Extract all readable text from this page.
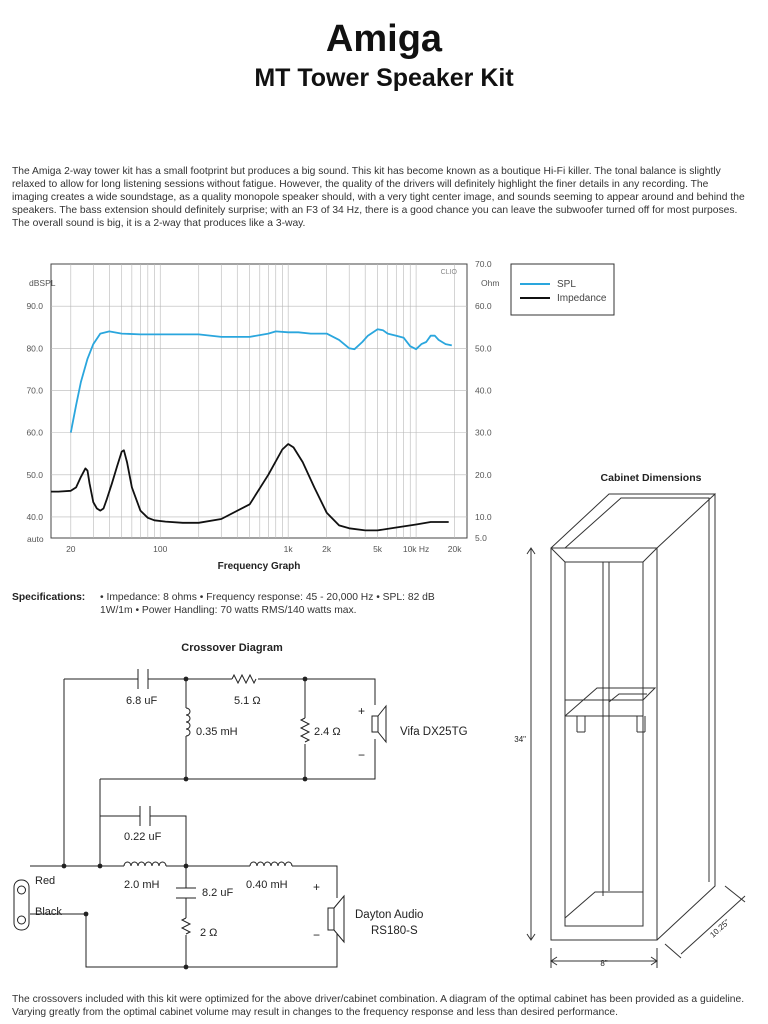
Amiga
MT Tower Speaker Kit
The Amiga 2-way tower kit has a small footprint but produces a big sound. This kit has become known as a boutique Hi-Fi killer. The tonal balance is slightly relaxed to allow for long listening sessions without fatigue. However, the quality of the drivers will definitely highlight the finer details in any recording. The imaging creates a wide soundstage, as a quality monopole speaker should, with a very tight center image, and sounds seeming to appear around and behind the speakers. The bass extension should definitely surprise; with an F3 of 34 Hz, there is a good chance you can leave the subwoofer turned off for most purposes. The overall sound is big, it is a 2-way that produces like a 3-way.
90.0
80.0
70.0
60.0
50.0
40.0
70.0
60.0
50.0
40.0
30.0
20.0
10.0
5.0
20	100	1k	2k	5k 10k Hz 20k
dBSPL
auto
Ohm
CLIO
Frequency Graph
SPL
Impedance
Specifications: • Impedance: 8 ohms • Frequency response: 45 - 20,000 Hz • SPL: 82 dB
1W/1m • Power Handling: 70 watts RMS/140 watts max.
Crossover Diagram
6.8 uF	5.1 Ω
0.35 mH	2.4 Ω
+
−
Vifa DX25TG
0.22 uF
2.0 mH
8.2 uF
0.40 mH
2 Ω
+
−
Dayton Audio
RS180-S
Red
Black
Cabinet Dimensions
34"
8"
10.25"
The crossovers included with this kit were optimized for the above driver/cabinet combination. A diagram of the optimal cabinet has been provided as a guideline. Varying greatly from the optimal cabinet volume may result in changes to the frequency response and less than desired performance.
